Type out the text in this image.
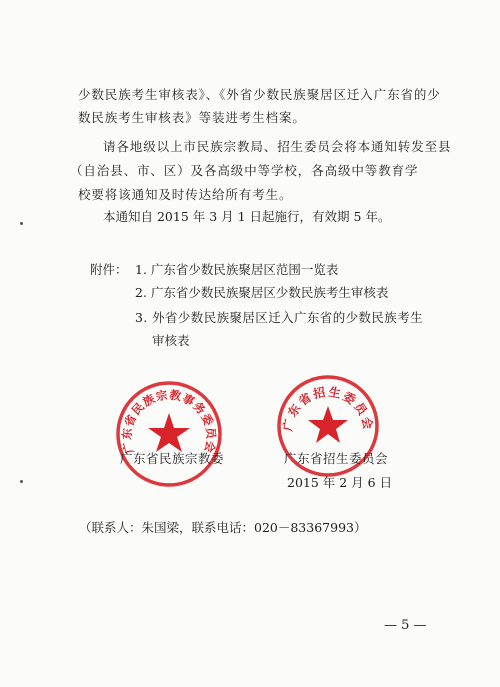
少数民族考生审核表》、《外省少数民族聚居区迁入广东省的少
数民族考生审核表》等装进考生档案。
请各地级以上市民族宗教局、招生委员会将本通知转发至县
（自治县、市、区）及各高级中等学校，各高级中等教育学
校要将该通知及时传达给所有考生。
本通知自 2015 年 3 月 1 日起施行，有效期 5 年。
附件： 1. 广东省少数民族聚居区范围一览表
2. 广东省少数民族聚居区少数民族考生审核表
3. 外省少数民族聚居区迁入广东省的少数民族考生
审核表
广东省民族宗教事务委员会
广东省招生委员会
广东省民族宗教委	广东省招生委员会
2015 年 2 月 6 日
（联系人：朱国梁，联系电话：020－83367993）
— 5 —
